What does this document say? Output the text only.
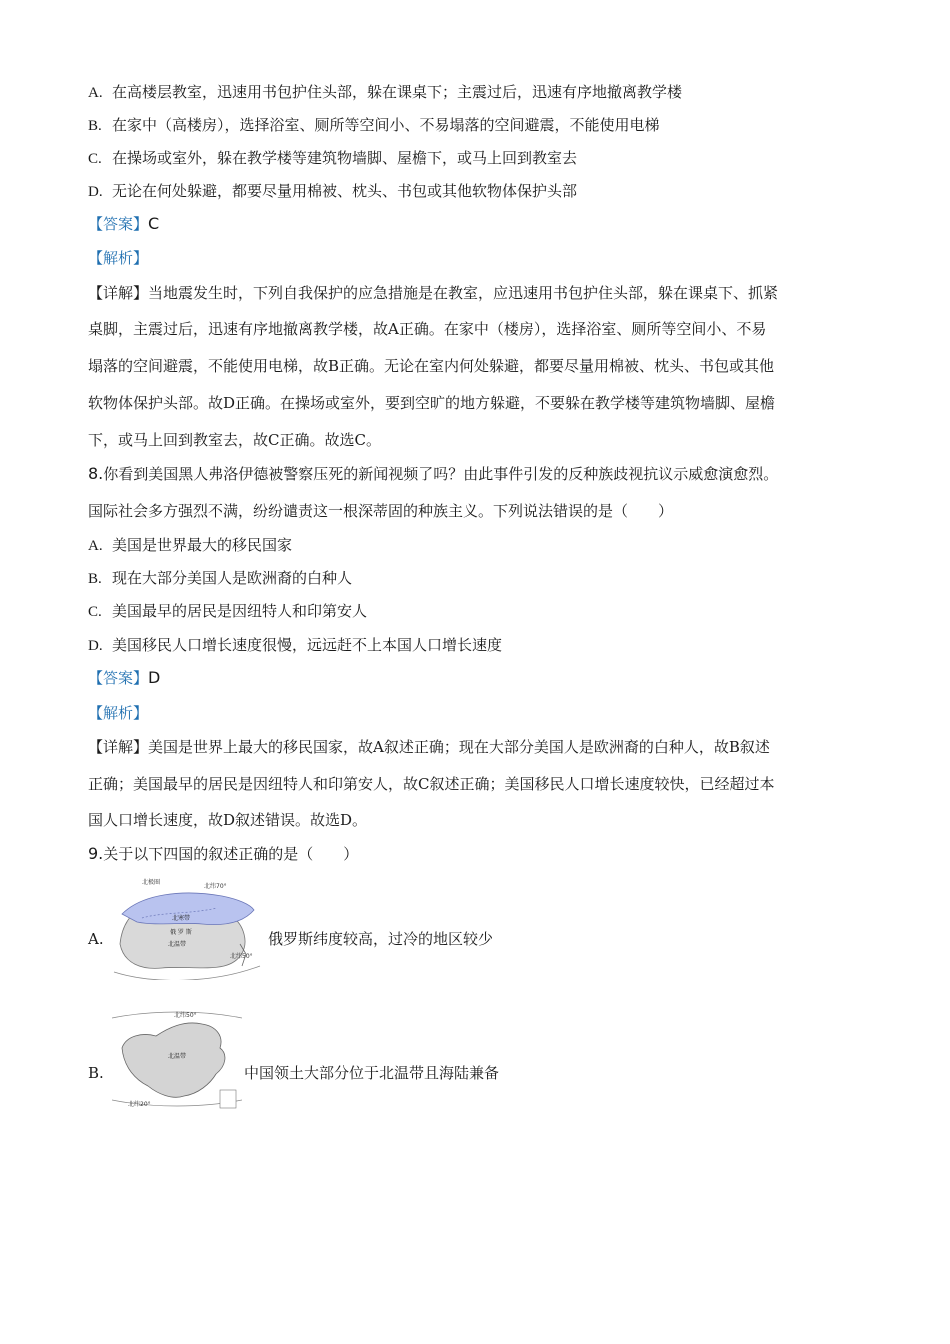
A. 在高楼层教室，迅速用书包护住头部，躲在课桌下；主震过后，迅速有序地撤离教学楼
B. 在家中（高楼房），选择浴室、厕所等空间小、不易塌落的空间避震，不能使用电梯
C. 在操场或室外，躲在教学楼等建筑物墙脚、屋檐下，或马上回到教室去
D. 无论在何处躲避，都要尽量用棉被、枕头、书包或其他软物体保护头部
【答案】C
【解析】
【详解】当地震发生时，下列自我保护的应急措施是在教室，应迅速用书包护住头部，躲在课桌下、抓紧
桌脚，主震过后，迅速有序地撤离教学楼，故A正确。在家中（楼房），选择浴室、厕所等空间小、不易
塌落的空间避震，不能使用电梯，故B正确。无论在室内何处躲避，都要尽量用棉被、枕头、书包或其他
软物体保护头部。故D正确。在操场或室外，要到空旷的地方躲避，不要躲在教学楼等建筑物墙脚、屋檐
下，或马上回到教室去，故C正确。故选C。
8.你看到美国黑人弗洛伊德被警察压死的新闻视频了吗？由此事件引发的反种族歧视抗议示威愈演愈烈。
国际社会多方强烈不满，纷纷谴责这一根深蒂固的种族主义。下列说法错误的是（　　）
A. 美国是世界最大的移民国家
B. 现在大部分美国人是欧洲裔的白种人
C. 美国最早的居民是因纽特人和印第安人
D. 美国移民人口增长速度很慢，远远赶不上本国人口增长速度
【答案】D
【解析】
【详解】美国是世界上最大的移民国家，故A叙述正确；现在大部分美国人是欧洲裔的白种人，故B叙述
正确；美国最早的居民是因纽特人和印第安人，故C叙述正确；美国移民人口增长速度较快，已经超过本
国人口增长速度，故D叙述错误。故选D。
9.关于以下四国的叙述正确的是（　　）
A.
北极圈
北纬70°
北寒带
俄 罗 斯
北温带
北纬50°
俄罗斯纬度较高，过冷的地区较少
B.
北纬50°
北温带
北纬20°
中国领土大部分位于北温带且海陆兼备
